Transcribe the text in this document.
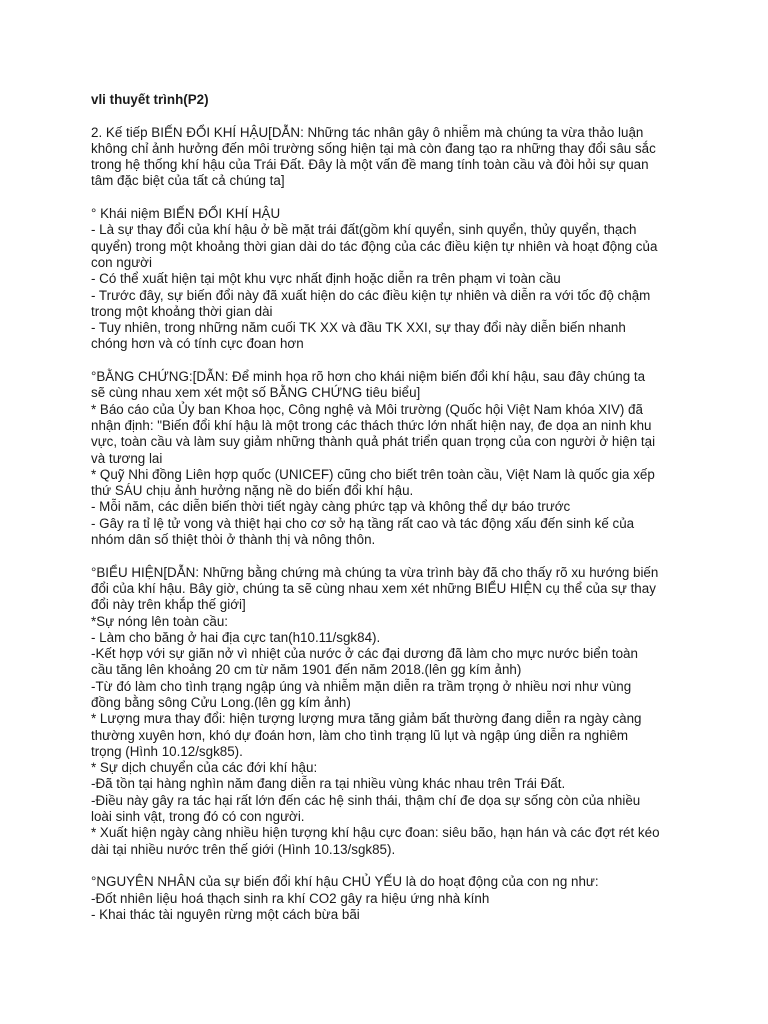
vli thuyết trình(P2)

2. Kế tiếp BIẾN ĐỔI KHÍ HẬU[DẪN: Những tác nhân gây ô nhiễm mà chúng ta vừa thảo luận
không chỉ ảnh hưởng đến môi trường sống hiện tại mà còn đang tạo ra những thay đổi sâu sắc
trong hệ thống khí hậu của Trái Đất. Đây là một vấn đề mang tính toàn cầu và đòi hỏi sự quan
tâm đặc biệt của tất cả chúng ta]
° Khái niệm BIẾN ĐỔI KHÍ HẬU
- Là sự thay đổi của khí hậu ở bề mặt trái đất(gồm khí quyển, sinh quyển, thủy quyển, thạch
quyển) trong một khoảng thời gian dài do tác động của các điều kiện tự nhiên và hoạt động của
con người
- Có thể xuất hiện tại một khu vực nhất định hoặc diễn ra trên phạm vi toàn cầu
- Trước đây, sự biến đổi này đã xuất hiện do các điều kiện tự nhiên và diễn ra với tốc độ chậm
trong một khoảng thời gian dài
- Tuy nhiên, trong những năm cuối TK XX và đầu TK XXI, sự thay đổi này diễn biến nhanh
chóng hơn và có tính cực đoan hơn
°BẰNG CHỨNG:[DẪN: Để minh họa rõ hơn cho khái niệm biến đổi khí hậu, sau đây chúng ta
sẽ cùng nhau xem xét một số BẰNG CHỨNG tiêu biểu]
* Báo cáo của Ủy ban Khoa học, Công nghệ và Môi trường (Quốc hội Việt Nam khóa XIV) đã
nhận định: "Biến đổi khí hậu là một trong các thách thức lớn nhất hiện nay, đe dọa an ninh khu
vực, toàn cầu và làm suy giảm những thành quả phát triển quan trọng của con người ở hiện tại
và tương lai
* Quỹ Nhi đồng Liên hợp quốc (UNICEF) cũng cho biết trên toàn cầu, Việt Nam là quốc gia xếp
thứ SÁU chịu ảnh hưởng nặng nề do biến đổi khí hậu.
- Mỗi năm, các diễn biến thời tiết ngày càng phức tạp và không thể dự báo trước
- Gây ra tỉ lệ tử vong và thiệt hại cho cơ sở hạ tầng rất cao và tác động xấu đến sinh kế của
nhóm dân số thiệt thòi ở thành thị và nông thôn.
°BIỂU HIỆN[DẪN: Những bằng chứng mà chúng ta vừa trình bày đã cho thấy rõ xu hướng biến
đổi của khí hậu. Bây giờ, chúng ta sẽ cùng nhau xem xét những BIỂU HIỆN cụ thể của sự thay
đổi này trên khắp thế giới]
*Sự nóng lên toàn cầu:
- Làm cho băng ở hai địa cực tan(h10.11/sgk84).
-Kết hợp với sự giãn nở vì nhiệt của nước ở các đại dương đã làm cho mực nước biển toàn
cầu tăng lên khoảng 20 cm từ năm 1901 đến năm 2018.(lên gg kím ảnh)
-Từ đó làm cho tình trạng ngập úng và nhiễm mặn diễn ra trầm trọng ở nhiều nơi như vùng
đồng bằng sông Cửu Long.(lên gg kím ảnh)
* Lượng mưa thay đổi: hiện tượng lượng mưa tăng giảm bất thường đang diễn ra ngày càng
thường xuyên hơn, khó dự đoán hơn, làm cho tình trạng lũ lụt và ngập úng diễn ra nghiêm
trọng (Hình 10.12/sgk85).
* Sự dịch chuyển của các đới khí hậu:
-Đã tồn tại hàng nghìn năm đang diễn ra tại nhiều vùng khác nhau trên Trái Đất.
-Điều này gây ra tác hại rất lớn đến các hệ sinh thái, thậm chí đe dọa sự sống còn của nhiều
loài sinh vật, trong đó có con người.
* Xuất hiện ngày càng nhiều hiện tượng khí hậu cực đoan: siêu bão, hạn hán và các đợt rét kéo
dài tại nhiều nước trên thế giới (Hình 10.13/sgk85).
°NGUYÊN NHÂN của sự biến đổi khí hậu CHỦ YẾU là do hoạt động của con ng như:
-Đốt nhiên liệu hoá thạch sinh ra khí CO2 gây ra hiệu ứng nhà kính
- Khai thác tài nguyên rừng một cách bừa bãi
